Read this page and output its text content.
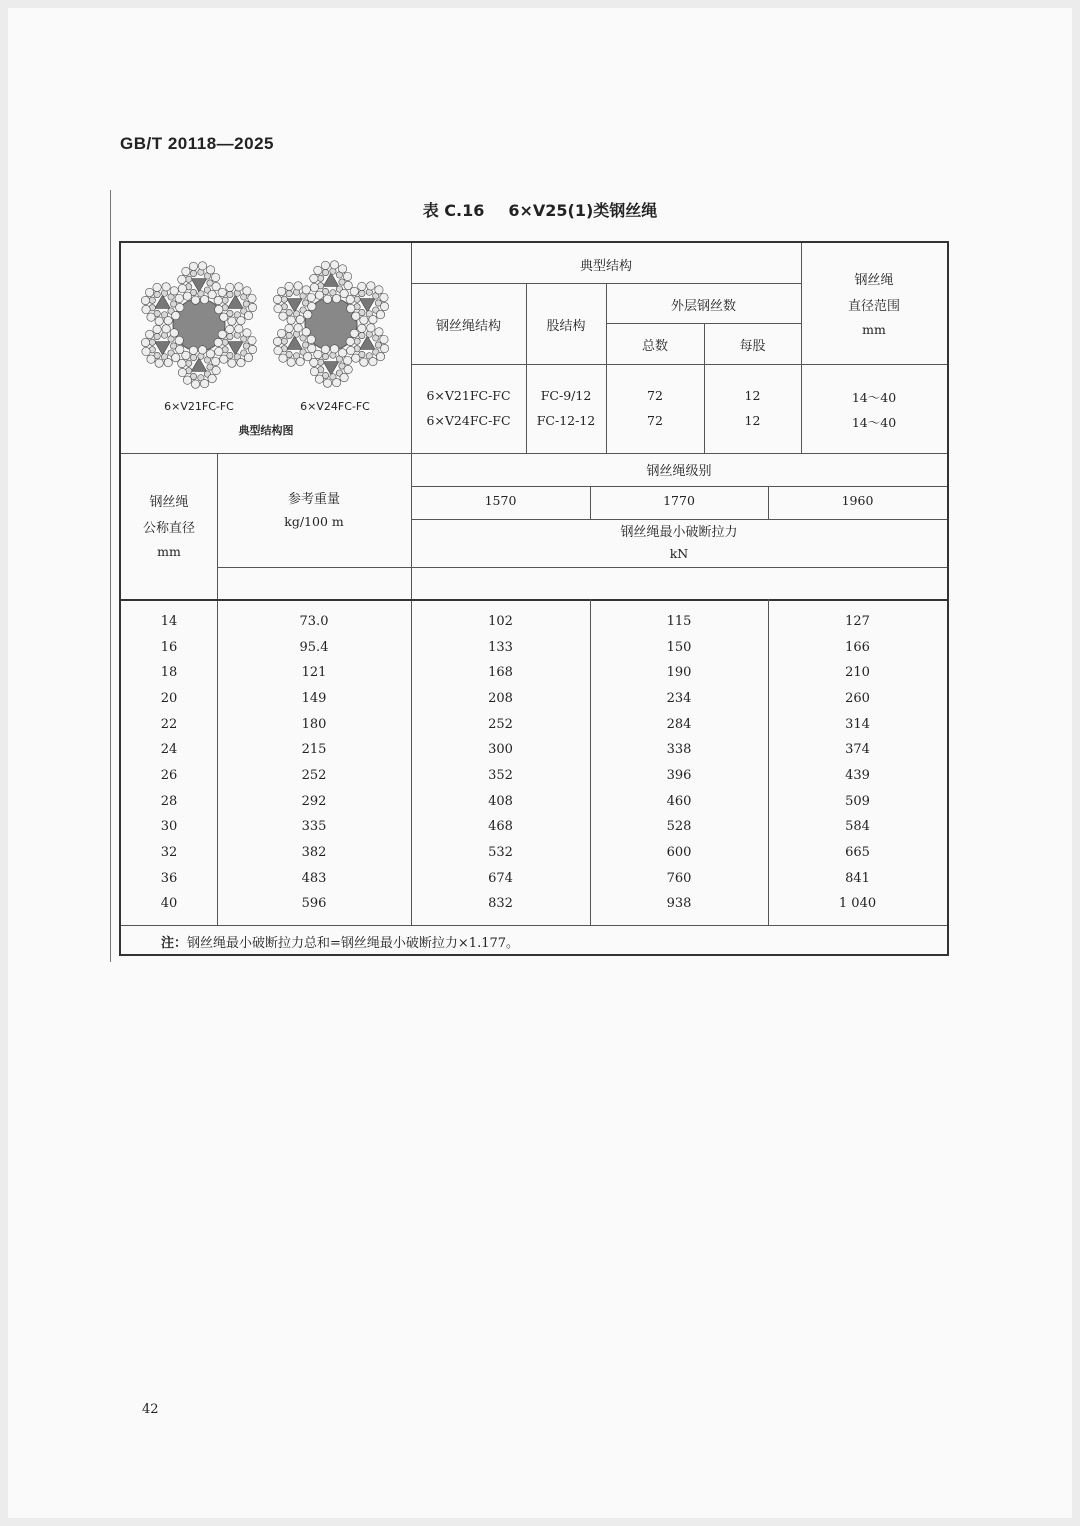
GB/T 20118—2025
表 C.16 6×V25(1)类钢丝绳
6×V21FC-FC	6×V24FC-FC
典型结构图
典型结构
钢丝绳结构	股结构
外层钢丝数
总数	每股
钢丝绳
直径范围
mm
6×V21FC-FC	FC-9/12	72	12	14～40
6×V24FC-FC	FC-12-12	72	12	14～40
钢丝绳
公称直径
mm
参考重量
kg/100 m
钢丝绳级别
1570	1770	1960
钢丝绳最小破断拉力
kN
14	73.0	102	115	127
16	95.4	133	150	166
18	121	168	190	210
20	149	208	234	260
22	180	252	284	314
24	215	300	338	374
26	252	352	396	439
28	292	408	460	509
30	335	468	528	584
32	382	532	600	665
36	483	674	760	841
40	596	832	938	1 040
注：钢丝绳最小破断拉力总和=钢丝绳最小破断拉力×1.177。
42
